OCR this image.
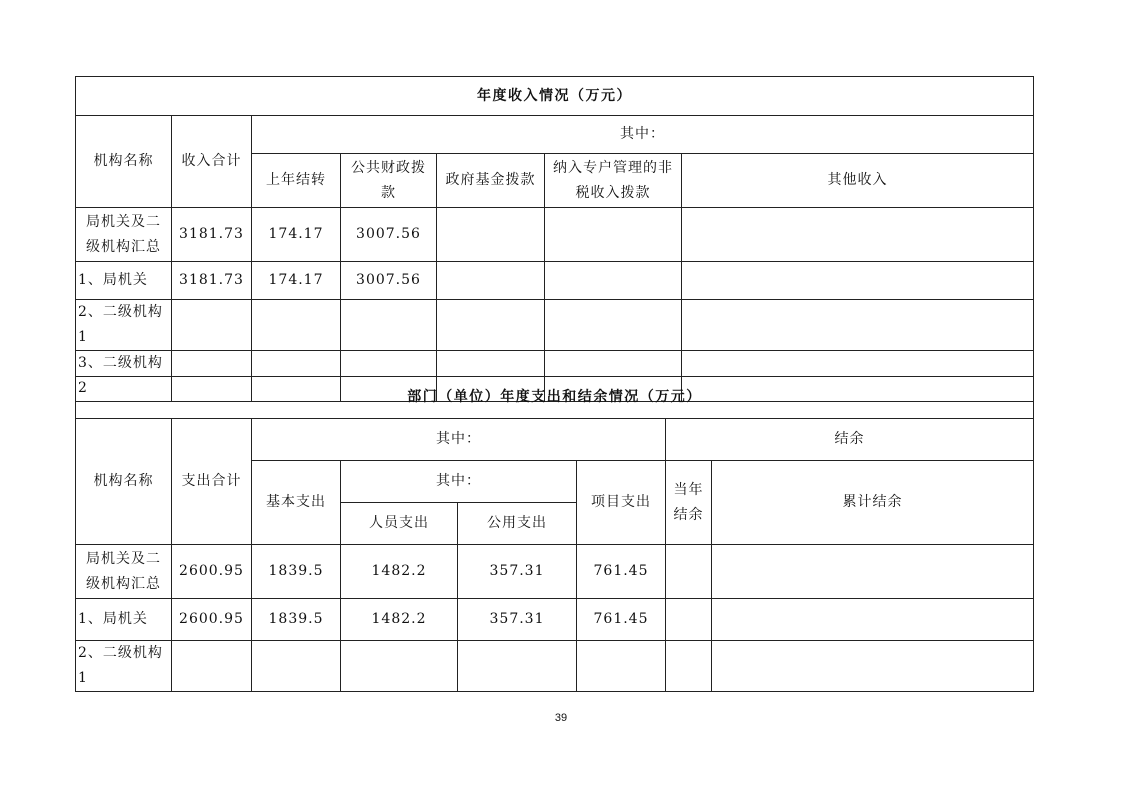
年度收入情况（万元）						
机构名称	收入合计	其中：				
		上年结转	公共财政拨款	政府基金拨款	纳入专户管理的非税收入拨款	其他收入
局机关及二级机构汇总	3181.73	174.17	3007.56			
1、局机关	3181.73	174.17	3007.56			
2、二级机构1						
3、二级机构2						
部门（单位）年度支出和结余情况（万元）							
机构名称	支出合计	其中：				结余	
		基本支出	其中：		项目支出	当年结余	累计结余
			人员支出	公用支出			
局机关及二级机构汇总	2600.95	1839.5	1482.2	357.31	761.45		
1、局机关	2600.95	1839.5	1482.2	357.31	761.45		
2、二级机构1							
39
